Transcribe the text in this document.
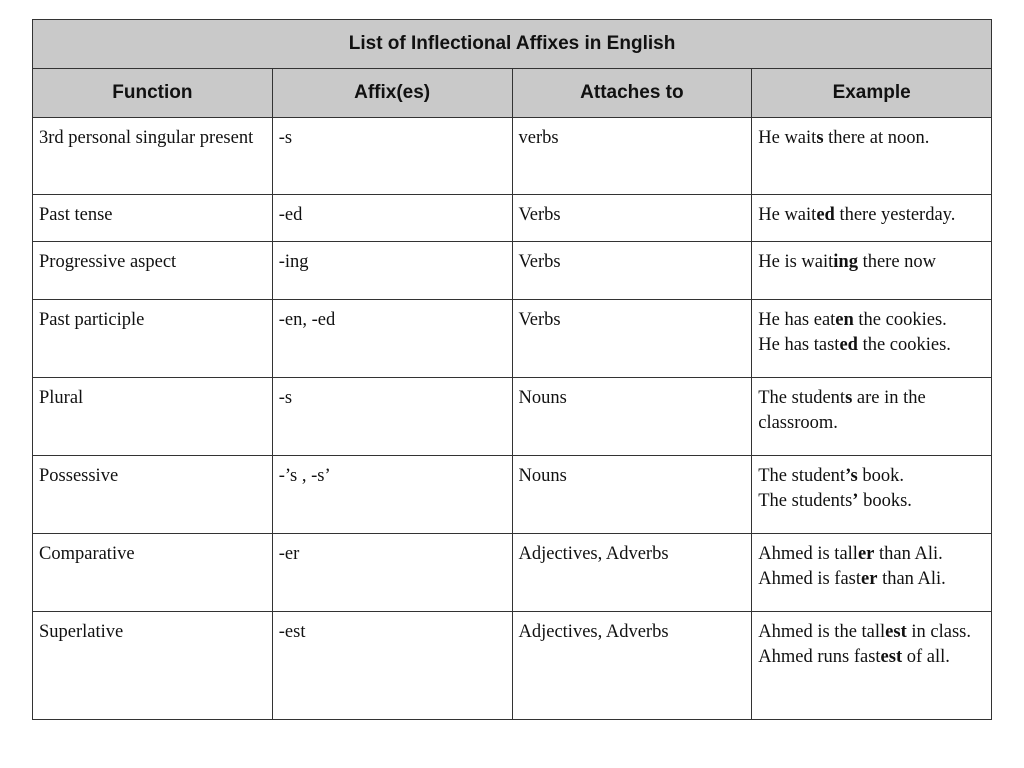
List of Inflectional Affixes in English			
Function	Affix(es)	Attaches to	Example
3rd personal singular present	-s	verbs	He waits there at noon.

Past tense	-ed	Verbs	He waited there yesterday.

Progressive aspect	-ing	Verbs	He is waiting there now

Past participle	-en, -ed	Verbs	He has eaten the cookies.
He has tasted the cookies.

Plural	-s	Nouns	The students are in the classroom.

Possessive	-’s , -s’	Nouns	The student’s book.
The students’ books.

Comparative	-er	Adjectives, Adverbs	Ahmed is taller than Ali.
Ahmed is faster than Ali.

Superlative	-est	Adjectives, Adverbs	Ahmed is the tallest in class.
Ahmed runs fastest of all.
